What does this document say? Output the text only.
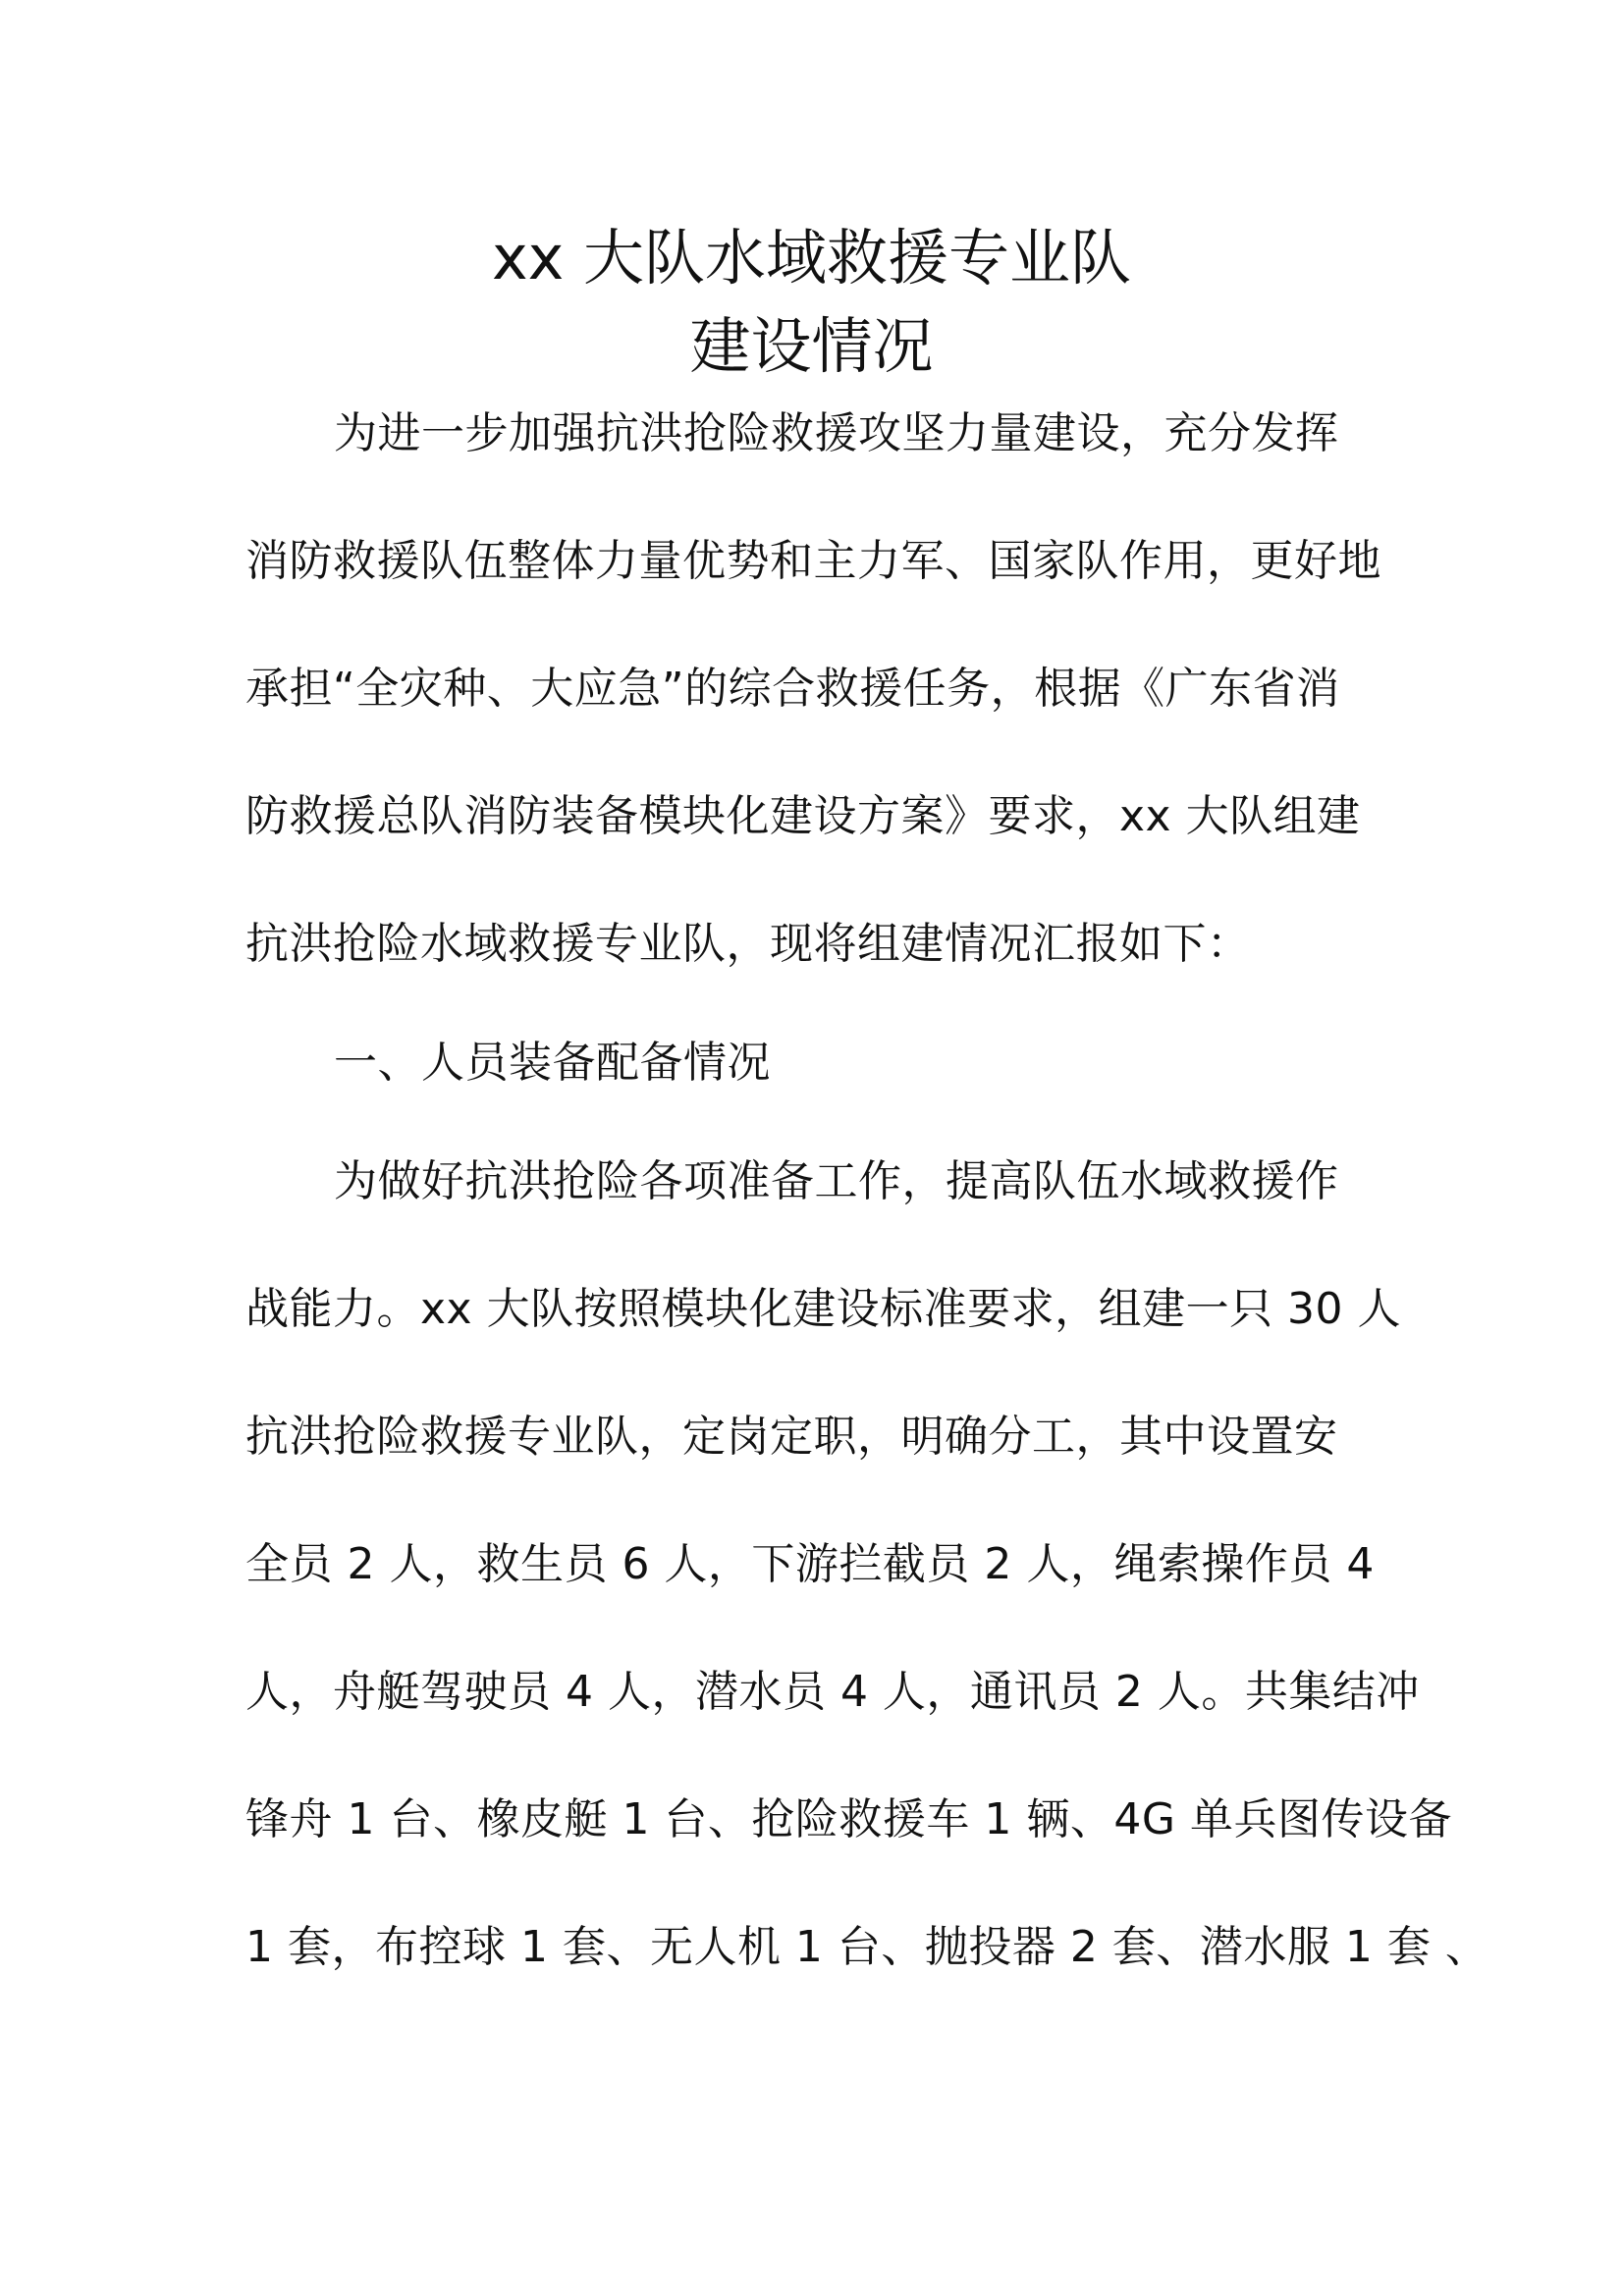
xx 大队水域救援专业队
建设情况
为进一步加强抗洪抢险救援攻坚力量建设，充分发挥
消防救援队伍整体力量优势和主力军、国家队作用，更好地
承担“全灾种、大应急”的综合救援任务，根据《广东省消
防救援总队消防装备模块化建设方案》要求，xx 大队组建
抗洪抢险水域救援专业队，现将组建情况汇报如下：
一、人员装备配备情况
为做好抗洪抢险各项准备工作，提高队伍水域救援作
战能力。xx 大队按照模块化建设标准要求，组建一只 30 人
抗洪抢险救援专业队，定岗定职，明确分工，其中设置安
全员 2 人，救生员 6 人，下游拦截员 2 人，绳索操作员 4
人，舟艇驾驶员 4 人，潜水员 4 人，通讯员 2 人。共集结冲
锋舟 1 台、橡皮艇 1 台、抢险救援车 1 辆、4G 单兵图传设备
1 套，布控球 1 套、无人机 1 台、抛投器 2 套、潜水服 1 套 、
